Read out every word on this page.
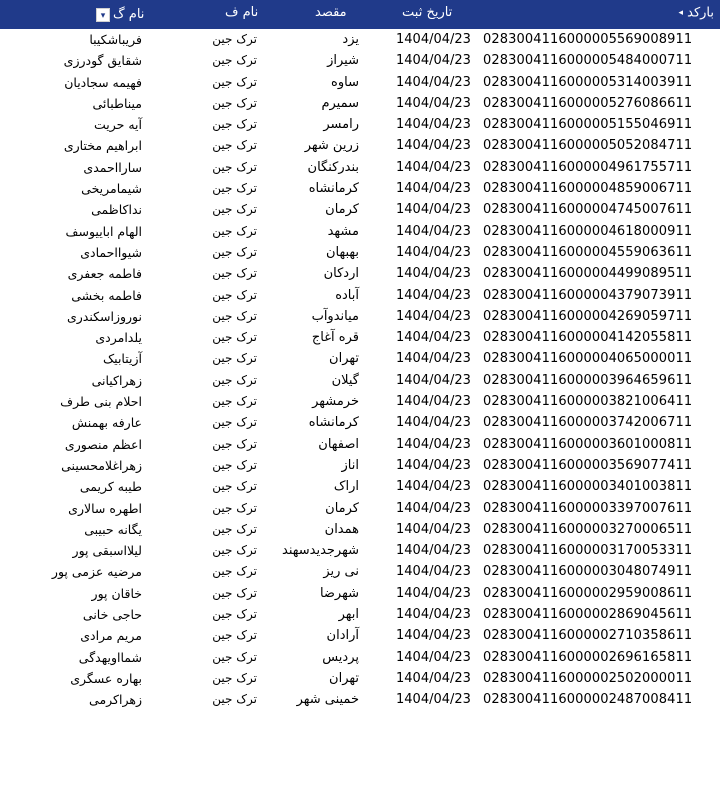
◂ بارکد
تاریخ ثبت
مقصد
نام ف
▾ نام گ
0283004116000005569008911
1404/04/23
یزد
ترک جین
فریباشکیبا
0283004116000005484000711
1404/04/23
شیراز
ترک جین
شقایق گودرزی
0283004116000005314003911
1404/04/23
ساوه
ترک جین
فهیمه سجادیان
0283004116000005276086611
1404/04/23
سمیرم
ترک جین
میناطبائی
0283004116000005155046911
1404/04/23
رامسر
ترک جین
آیه حریت
0283004116000005052084711
1404/04/23
زرین شهر
ترک جین
ابراهیم مختاری
0283004116000004961755711
1404/04/23
بندرکنگان
ترک جین
سارااحمدی
0283004116000004859006711
1404/04/23
کرمانشاه
ترک جین
شیمامریخی
0283004116000004745007611
1404/04/23
کرمان
ترک جین
نداکاظمی
0283004116000004618000911
1404/04/23
مشهد
ترک جین
الهام اباییوسف
0283004116000004559063611
1404/04/23
بهبهان
ترک جین
شیوااحمادی
0283004116000004499089511
1404/04/23
اردکان
ترک جین
فاطمه جعفری
0283004116000004379073911
1404/04/23
آباده
ترک جین
فاطمه بخشی
0283004116000004269059711
1404/04/23
میاندوآب
ترک جین
نوروزاسکندری
0283004116000004142055811
1404/04/23
قره آغاج
ترک جین
یلدامردی
0283004116000004065000011
1404/04/23
تهران
ترک جین
آزیتابیک
0283004116000003964659611
1404/04/23
گیلان
ترک جین
زهراکیانی
0283004116000003821006411
1404/04/23
خرمشهر
ترک جین
احلام بنی طرف
0283004116000003742006711
1404/04/23
کرمانشاه
ترک جین
عارفه بهمنش
0283004116000003601000811
1404/04/23
اصفهان
ترک جین
اعظم منصوری
0283004116000003569077411
1404/04/23
اناز
ترک جین
زهراغلامحسینی
0283004116000003401003811
1404/04/23
اراک
ترک جین
طیبه کریمی
0283004116000003397007611
1404/04/23
کرمان
ترک جین
اطهره سالاری
0283004116000003270006511
1404/04/23
همدان
ترک جین
یگانه حبیبی
0283004116000003170053311
1404/04/23
شهرجدیدسهند
ترک جین
لیلااسبقی پور
0283004116000003048074911
1404/04/23
نی ریز
ترک جین
مرضیه عزمی پور
0283004116000002959008611
1404/04/23
شهرضا
ترک جین
خاقان پور
0283004116000002869045611
1404/04/23
ابهر
ترک جین
حاجی خانی
0283004116000002710358611
1404/04/23
آرادان
ترک جین
مریم مرادی
0283004116000002696165811
1404/04/23
پردیس
ترک جین
شمااویهدگی
0283004116000002502000011
1404/04/23
تهران
ترک جین
بهاره عسگری
0283004116000002487008411
1404/04/23
خمینی شهر
ترک جین
زهراکرمی
